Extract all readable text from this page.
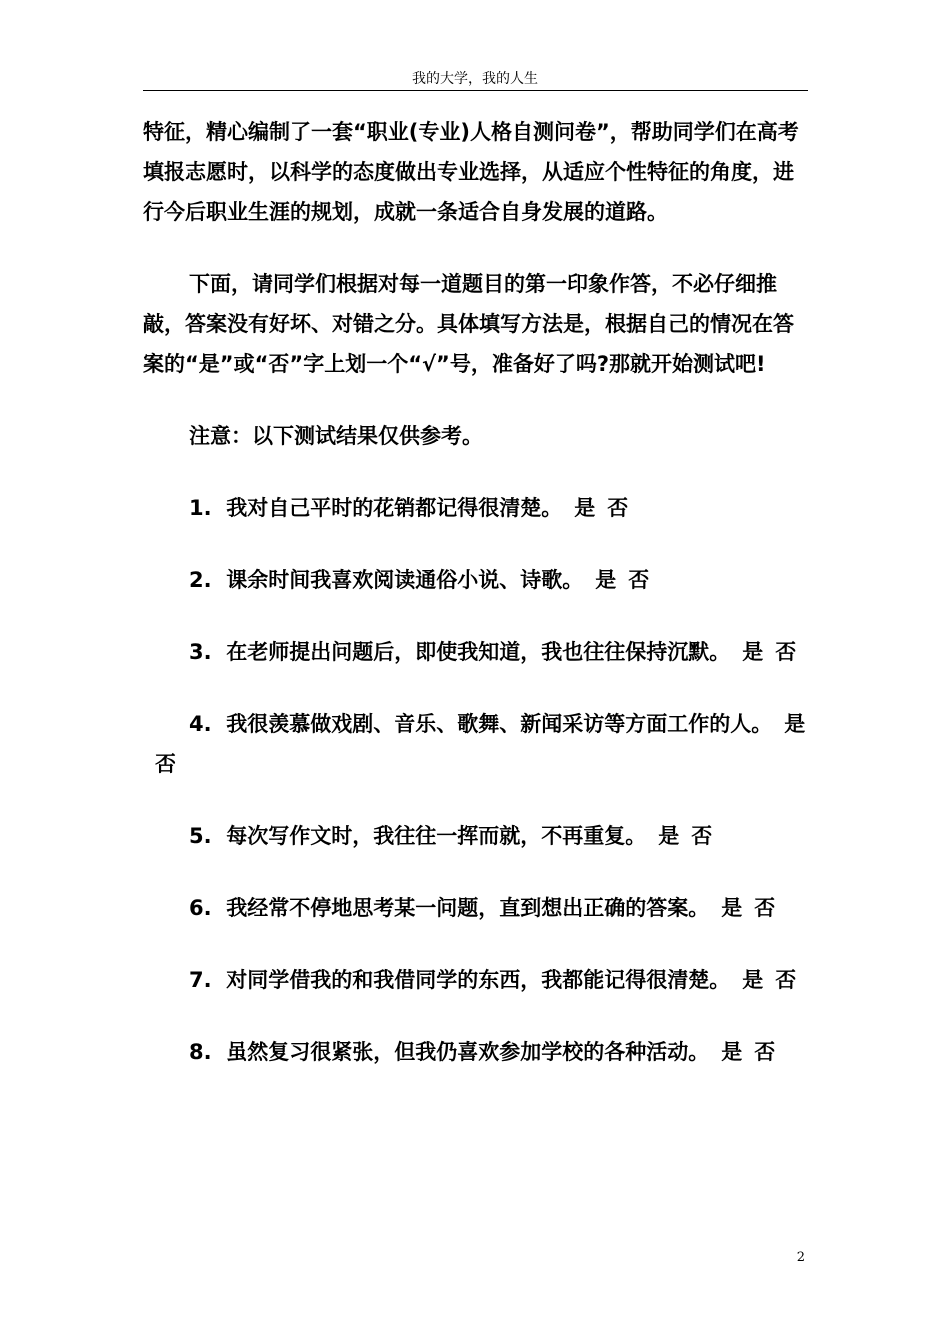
我的大学，我的人生

特征，精心编制了一套“职业(专业)人格自测问卷”，帮助同学们在高考填报志愿时，以科学的态度做出专业选择，从适应个性特征的角度，进行今后职业生涯的规划，成就一条适合自身发展的道路。

下面，请同学们根据对每一道题目的第一印象作答，不必仔细推敲，答案没有好坏、对错之分。具体填写方法是，根据自己的情况在答案的“是”或“否”字上划一个“√”号，准备好了吗?那就开始测试吧!

注意：以下测试结果仅供参考。

1. 我对自己平时的花销都记得很清楚。 是 否

2. 课余时间我喜欢阅读通俗小说、诗歌。 是 否

3. 在老师提出问题后，即使我知道，我也往往保持沉默。 是 否

4. 我很羡慕做戏剧、音乐、歌舞、新闻采访等方面工作的人。 是否

5. 每次写作文时，我往往一挥而就，不再重复。 是 否

6. 我经常不停地思考某一问题，直到想出正确的答案。 是 否

7. 对同学借我的和我借同学的东西，我都能记得很清楚。 是 否

8. 虽然复习很紧张，但我仍喜欢参加学校的各种活动。 是 否

2
